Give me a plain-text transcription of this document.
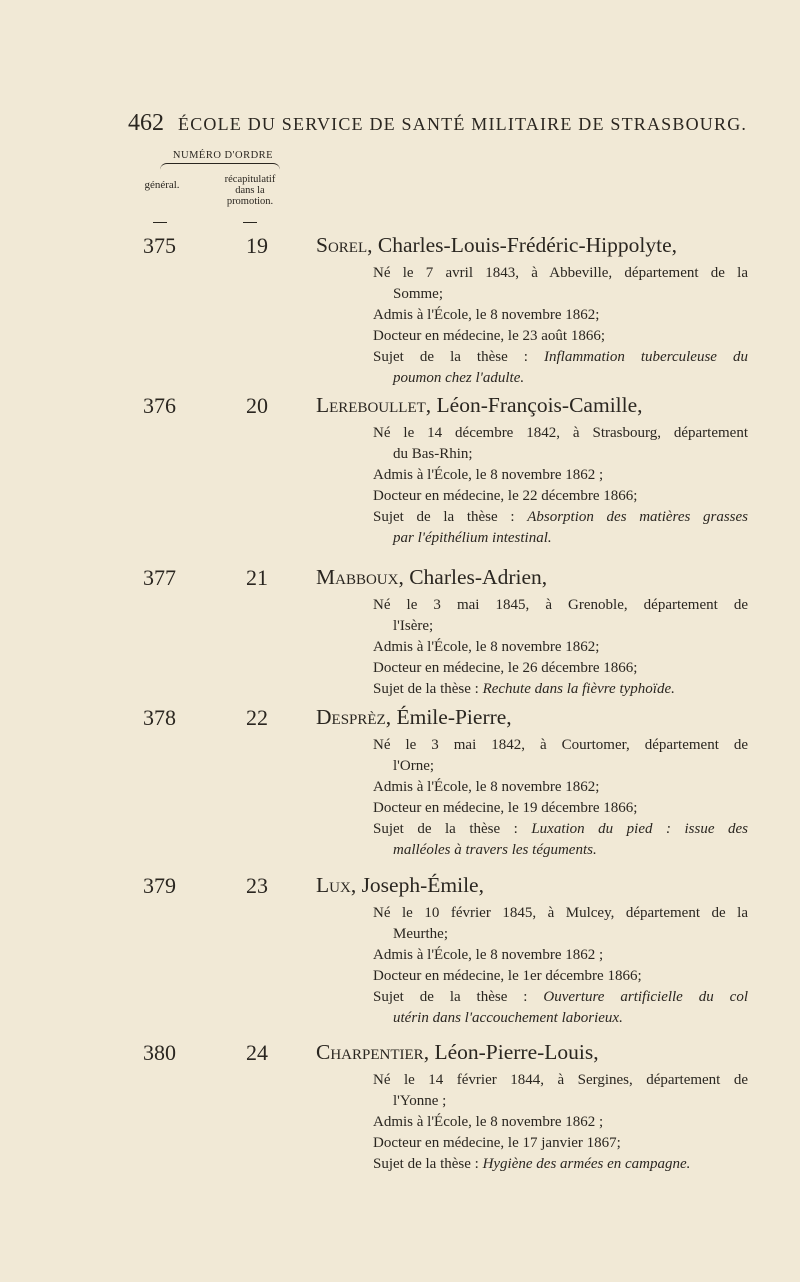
462 ÉCOLE DU SERVICE DE SANTÉ MILITAIRE DE STRASBOURG.
NUMÉRO D'ORDRE
général.	récapitulatif
dans la
promotion.
375	19 Sorel, Charles-Louis-Frédéric-Hippolyte,
Né le 7 avril 1843, à Abbeville, département de la
Somme;
Admis à l'École, le 8 novembre 1862;
Docteur en médecine, le 23 août 1866;
Sujet de la thèse : Inflammation tuberculeuse du
poumon chez l'adulte.
376	20 Lereboullet, Léon-François-Camille,
Né le 14 décembre 1842, à Strasbourg, département
du Bas-Rhin;
Admis à l'École, le 8 novembre 1862 ;
Docteur en médecine, le 22 décembre 1866;
Sujet de la thèse : Absorption des matières grasses
par l'épithélium intestinal.
377	21 Mabboux, Charles-Adrien,
Né le 3 mai 1845, à Grenoble, département de
l'Isère;
Admis à l'École, le 8 novembre 1862;
Docteur en médecine, le 26 décembre 1866;
Sujet de la thèse : Rechute dans la fièvre typhoïde.
378	22 Desprèz, Émile-Pierre,
Né le 3 mai 1842, à Courtomer, département de
l'Orne;
Admis à l'École, le 8 novembre 1862;
Docteur en médecine, le 19 décembre 1866;
Sujet de la thèse : Luxation du pied : issue des
malléoles à travers les téguments.
379	23 Lux, Joseph-Émile,
Né le 10 février 1845, à Mulcey, département de la
Meurthe;
Admis à l'École, le 8 novembre 1862 ;
Docteur en médecine, le 1er décembre 1866;
Sujet de la thèse : Ouverture artificielle du col
utérin dans l'accouchement laborieux.
380	24 Charpentier, Léon-Pierre-Louis,
Né le 14 février 1844, à Sergines, département de
l'Yonne ;
Admis à l'École, le 8 novembre 1862 ;
Docteur en médecine, le 17 janvier 1867;
Sujet de la thèse : Hygiène des armées en campagne.
